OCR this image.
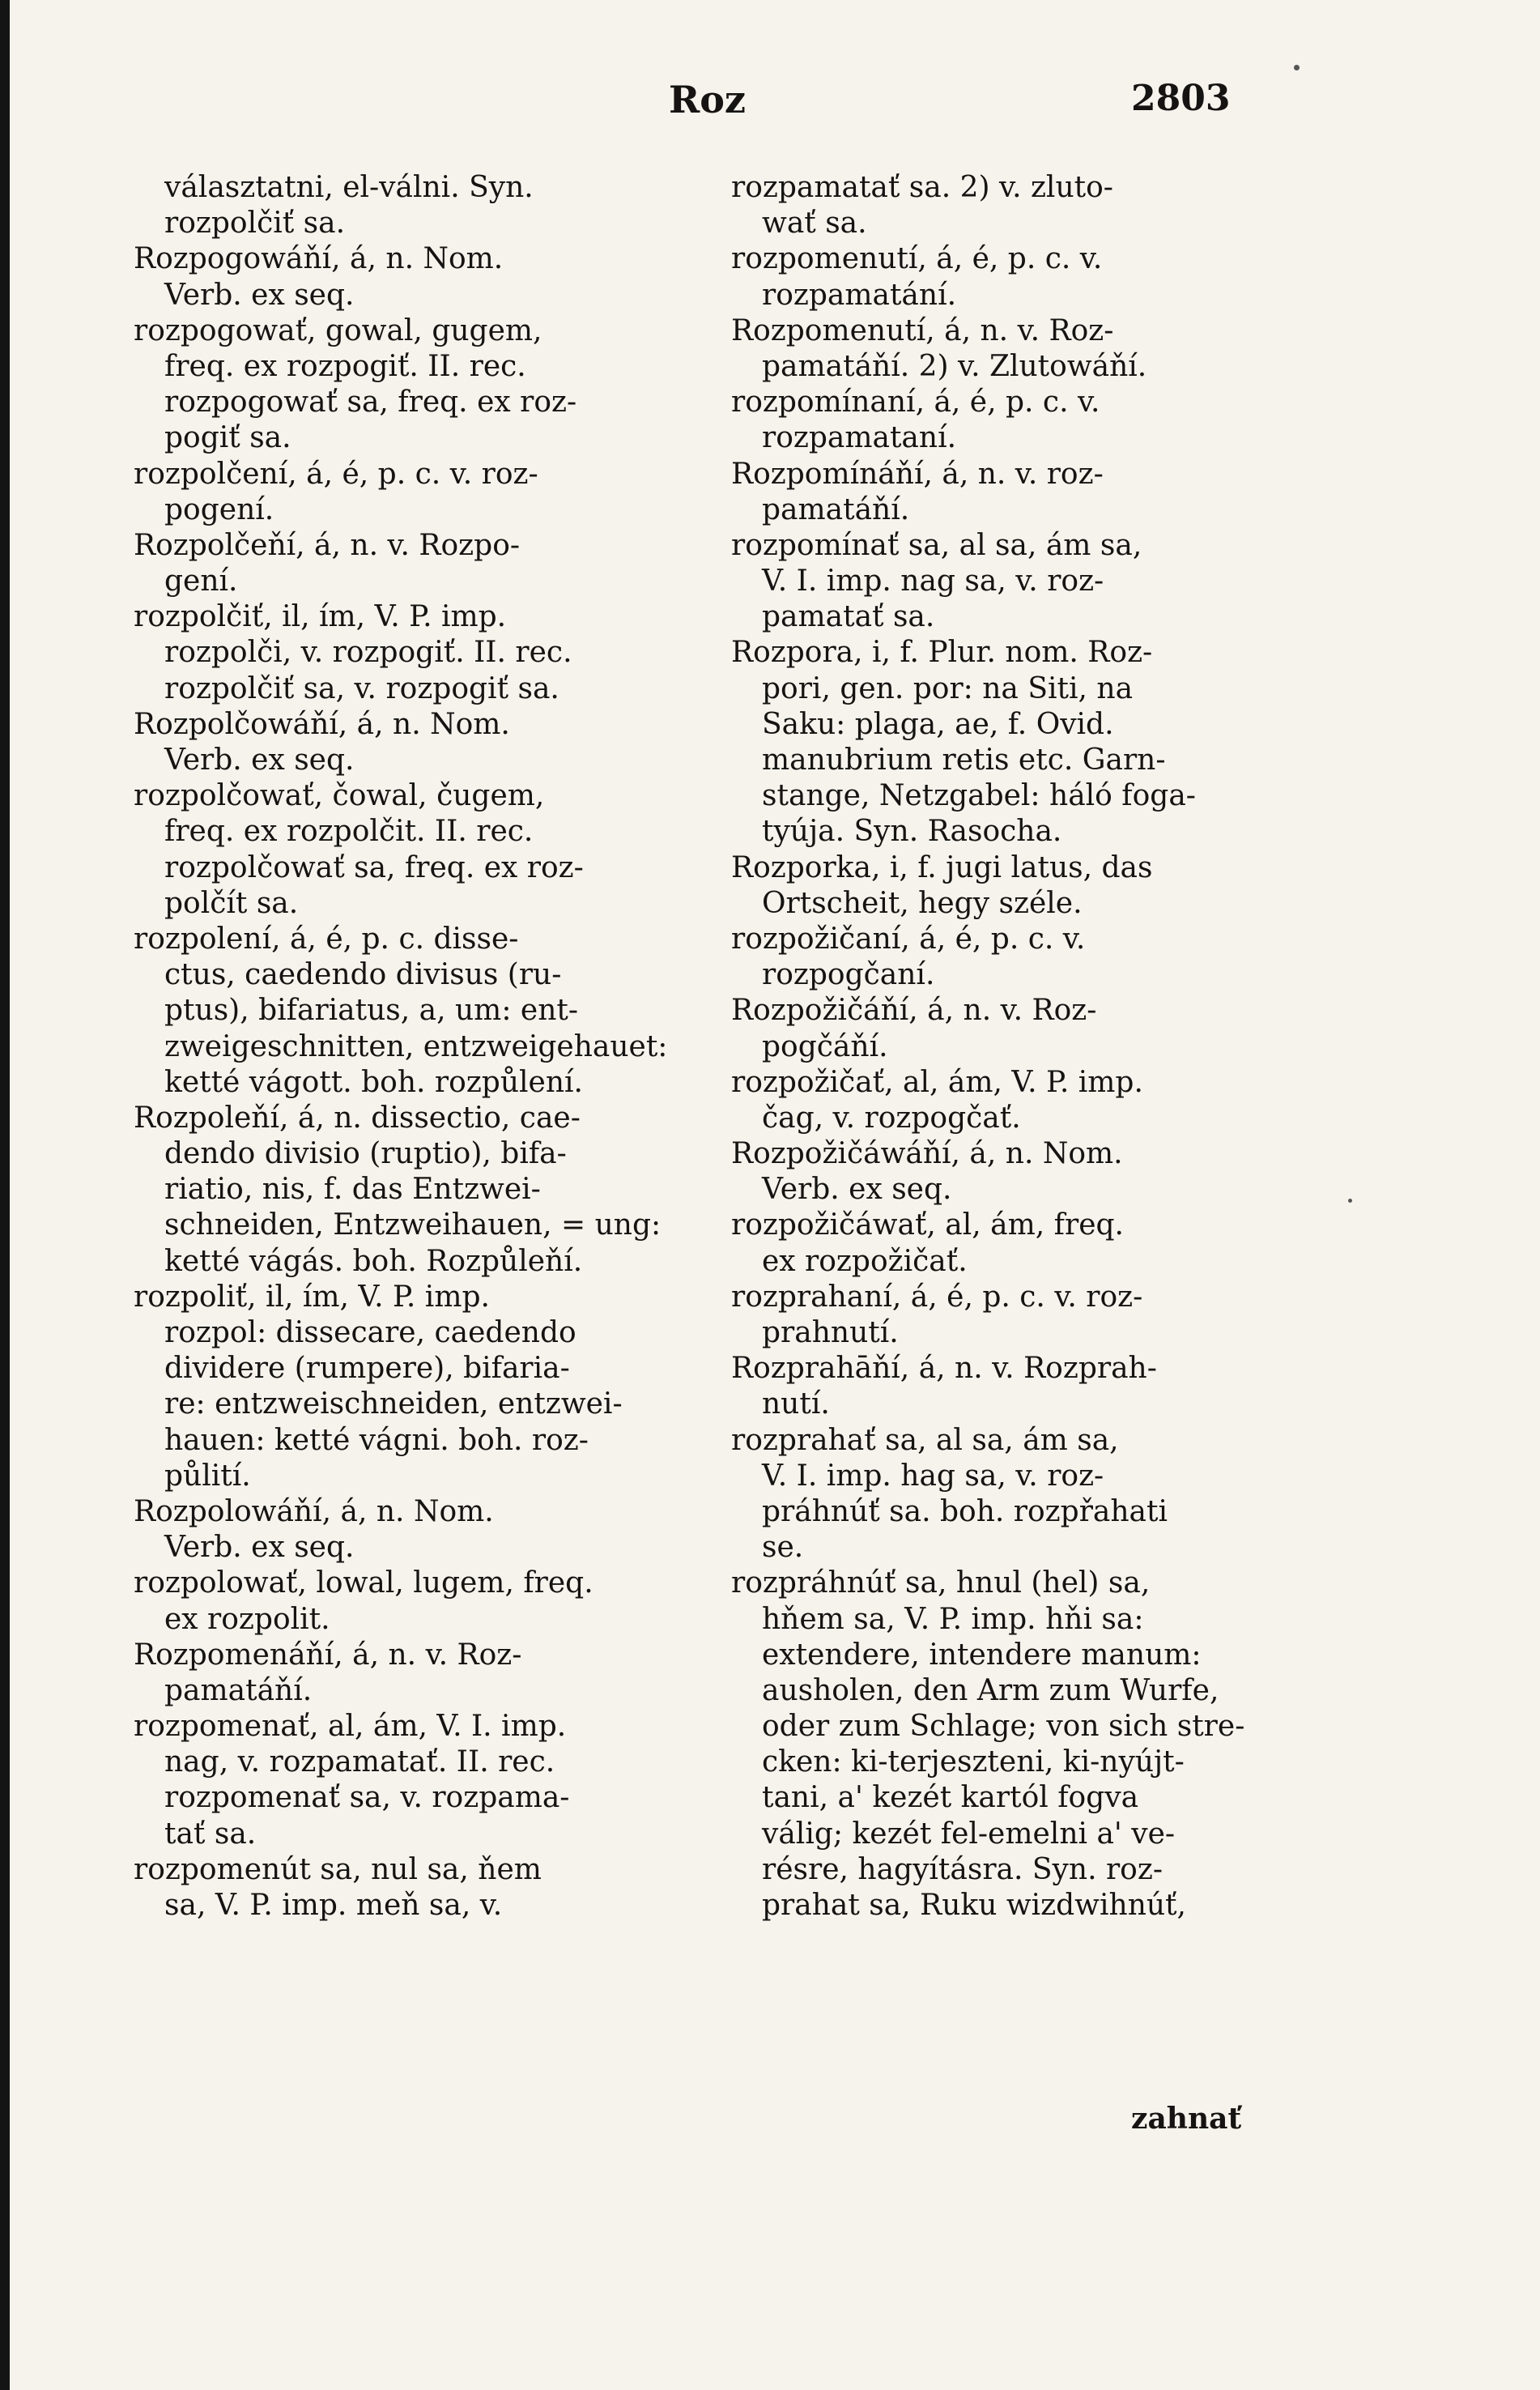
Roz	2803
választatni, el-válni. Syn.
rozpolčiť sa.
Rozpogowáňí, á, n. Nom.
Verb. ex seq.
rozpogowať, gowal, gugem,
freq. ex rozpogiť. II. rec.
rozpogowať sa, freq. ex roz-
pogiť sa.
rozpolčení, á, é, p. c. v. roz-
pogení.
Rozpolčeňí, á, n. v. Rozpo-
gení.
rozpolčiť, il, ím, V. P. imp.
rozpolči, v. rozpogiť. II. rec.
rozpolčiť sa, v. rozpogiť sa.
Rozpolčowáňí, á, n. Nom.
Verb. ex seq.
rozpolčowať, čowal, čugem,
freq. ex rozpolčit. II. rec.
rozpolčowať sa, freq. ex roz-
polčít sa.
rozpolení, á, é, p. c. disse-
ctus, caedendo divisus (ru-
ptus), bifariatus, a, um: ent-
zweigeschnitten, entzweigehauet:
ketté vágott. boh. rozpůlení.
Rozpoleňí, á, n. dissectio, cae-
dendo divisio (ruptio), bifa-
riatio, nis, f. das Entzwei-
schneiden, Entzweihauen, = ung:
ketté vágás. boh. Rozpůleňí.
rozpoliť, il, ím, V. P. imp.
rozpol: dissecare, caedendo
dividere (rumpere), bifaria-
re: entzweischneiden, entzwei-
hauen: ketté vágni. boh. roz-
půlití.
Rozpolowáňí, á, n. Nom.
Verb. ex seq.
rozpolowať, lowal, lugem, freq.
ex rozpolit.
Rozpomenáňí, á, n. v. Roz-
pamatáňí.
rozpomenať, al, ám, V. I. imp.
nag, v. rozpamatať. II. rec.
rozpomenať sa, v. rozpama-
tať sa.
rozpomenút sa, nul sa, ňem
sa, V. P. imp. meň sa, v.
rozpamatať sa. 2) v. zluto-
wať sa.
rozpomenutí, á, é, p. c. v.
rozpamatání.
Rozpomenutí, á, n. v. Roz-
pamatáňí. 2) v. Zlutowáňí.
rozpomínaní, á, é, p. c. v.
rozpamataní.
Rozpomínáňí, á, n. v. roz-
pamatáňí.
rozpomínať sa, al sa, ám sa,
V. I. imp. nag sa, v. roz-
pamatať sa.
Rozpora, i, f. Plur. nom. Roz-
pori, gen. por: na Siti, na
Saku: plaga, ae, f. Ovid.
manubrium retis etc. Garn-
stange, Netzgabel: háló foga-
tyúja. Syn. Rasocha.
Rozporka, i, f. jugi latus, das
Ortscheit, hegy széle.
rozpožičaní, á, é, p. c. v.
rozpogčaní.
Rozpožičáňí, á, n. v. Roz-
pogčáňí.
rozpožičať, al, ám, V. P. imp.
čag, v. rozpogčať.
Rozpožičáwáňí, á, n. Nom.
Verb. ex seq.
rozpožičáwať, al, ám, freq.
ex rozpožičať.
rozprahaní, á, é, p. c. v. roz-
prahnutí.
Rozprahāňí, á, n. v. Rozprah-
nutí.
rozprahať sa, al sa, ám sa,
V. I. imp. hag sa, v. roz-
práhnúť sa. boh. rozpřahati
se.
rozpráhnúť sa, hnul (hel) sa,
hňem sa, V. P. imp. hňi sa:
extendere, intendere manum:
ausholen, den Arm zum Wurfe,
oder zum Schlage; von sich stre-
cken: ki-terjeszteni, ki-nyújt-
tani, a' kezét kartól fogva
válig; kezét fel-emelni a' ve-
résre, hagyításra. Syn. roz-
prahat sa, Ruku wizdwihnúť,
zahnať
